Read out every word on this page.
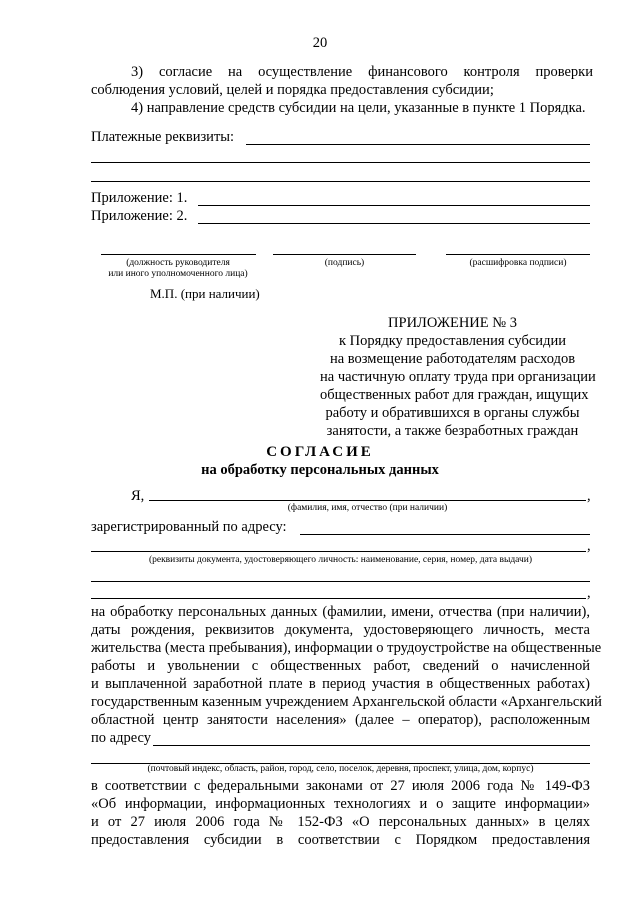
20
3) согласие на осуществление финансового контроля проверки
соблюдения условий, целей и порядка предоставления субсидии;
4) направление средств субсидии на цели, указанные в пункте 1 Порядка.
Платежные реквизиты:
Приложение: 1.
Приложение: 2.
(должность руководителя
или иного уполномоченного лица)
(подпись)	(расшифровка подписи)
М.П. (при наличии)
ПРИЛОЖЕНИЕ № 3
к Порядку предоставления субсидии
на возмещение работодателям расходов
на частичную оплату труда при организации
общественных работ для граждан, ищущих
работу и обратившихся в органы службы
занятости, а также безработных граждан
СОГЛАСИЕ
на обработку персональных данных
Я,	,
(фамилия, имя, отчество (при наличии)
зарегистрированный по адресу:
,
(реквизиты документа, удостоверяющего личность: наименование, серия, номер, дата выдачи)
,
на обработку персональных данных (фамилии, имени, отчества (при наличии),
даты рождения, реквизитов документа, удостоверяющего личность, места
жительства (места пребывания), информации о трудоустройстве на общественные
работы и увольнении с общественных работ, сведений о начисленной
и выплаченной заработной плате в период участия в общественных работах)
государственным казенным учреждением Архангельской области «Архангельский
областной центр занятости населения» (далее – оператор), расположенным
по адресу
(почтовый индекс, область, район, город, село, поселок, деревня, проспект, улица, дом, корпус)
в соответствии с федеральными законами от 27 июля 2006 года № 149-ФЗ
«Об информации, информационных технологиях и о защите информации»
и от 27 июля 2006 года № 152-ФЗ «О персональных данных» в целях
предоставления субсидии в соответствии с Порядком предоставления
